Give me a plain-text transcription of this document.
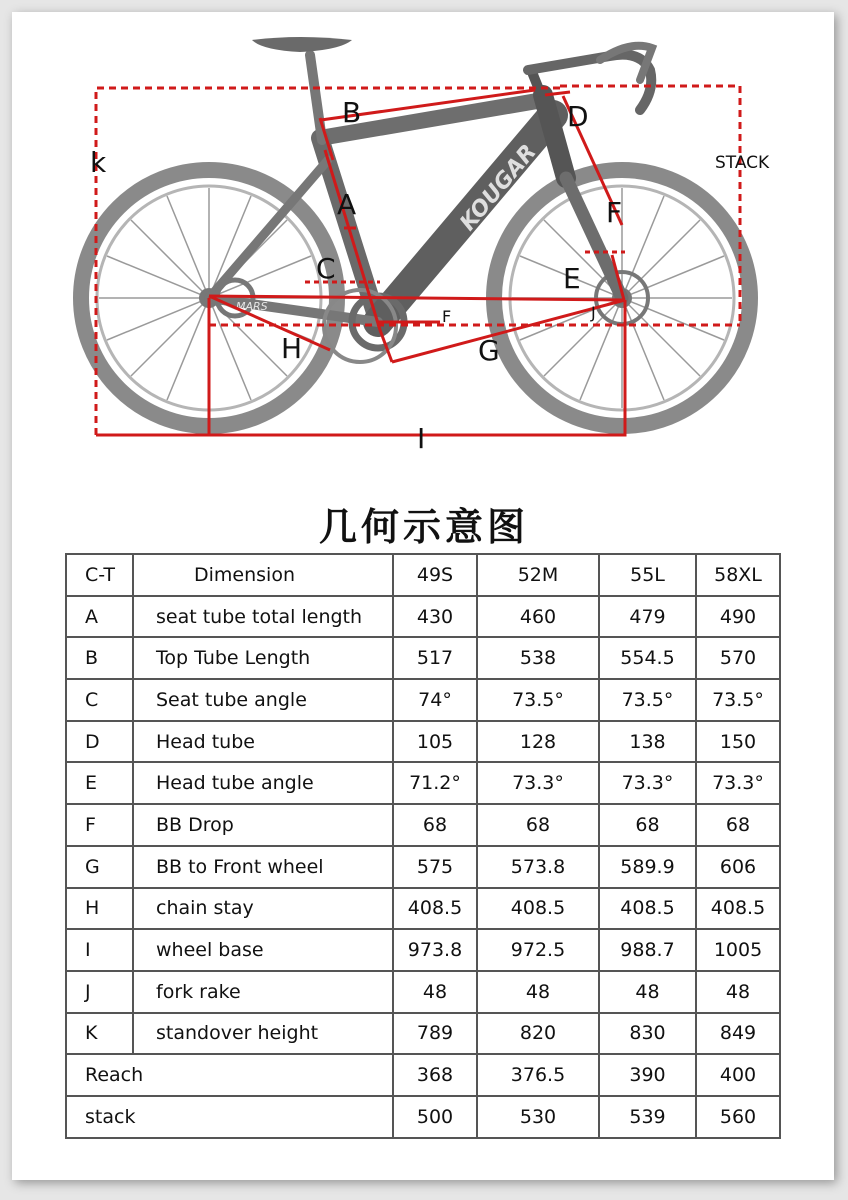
KOUGAR
MARS
B	D
A
C
F
E
F	J
H	G
I
k	STACK
几何示意图
C-T	Dimension	49S	52M	55L	58XL
A	seat tube total length	430	460	479	490
B	Top Tube Length	517	538	554.5	570
C	Seat tube angle	74°	73.5°	73.5°	73.5°
D	Head tube	105	128	138	150
E	Head tube angle	71.2°	73.3°	73.3°	73.3°
F	BB Drop	68	68	68	68
G	BB to Front wheel	575	573.8	589.9	606
H	chain stay	408.5	408.5	408.5	408.5
I	wheel base	973.8	972.5	988.7	1005
J	fork rake	48	48	48	48
K	standover height	789	820	830	849
Reach		368	376.5	390	400
stack		500	530	539	560
